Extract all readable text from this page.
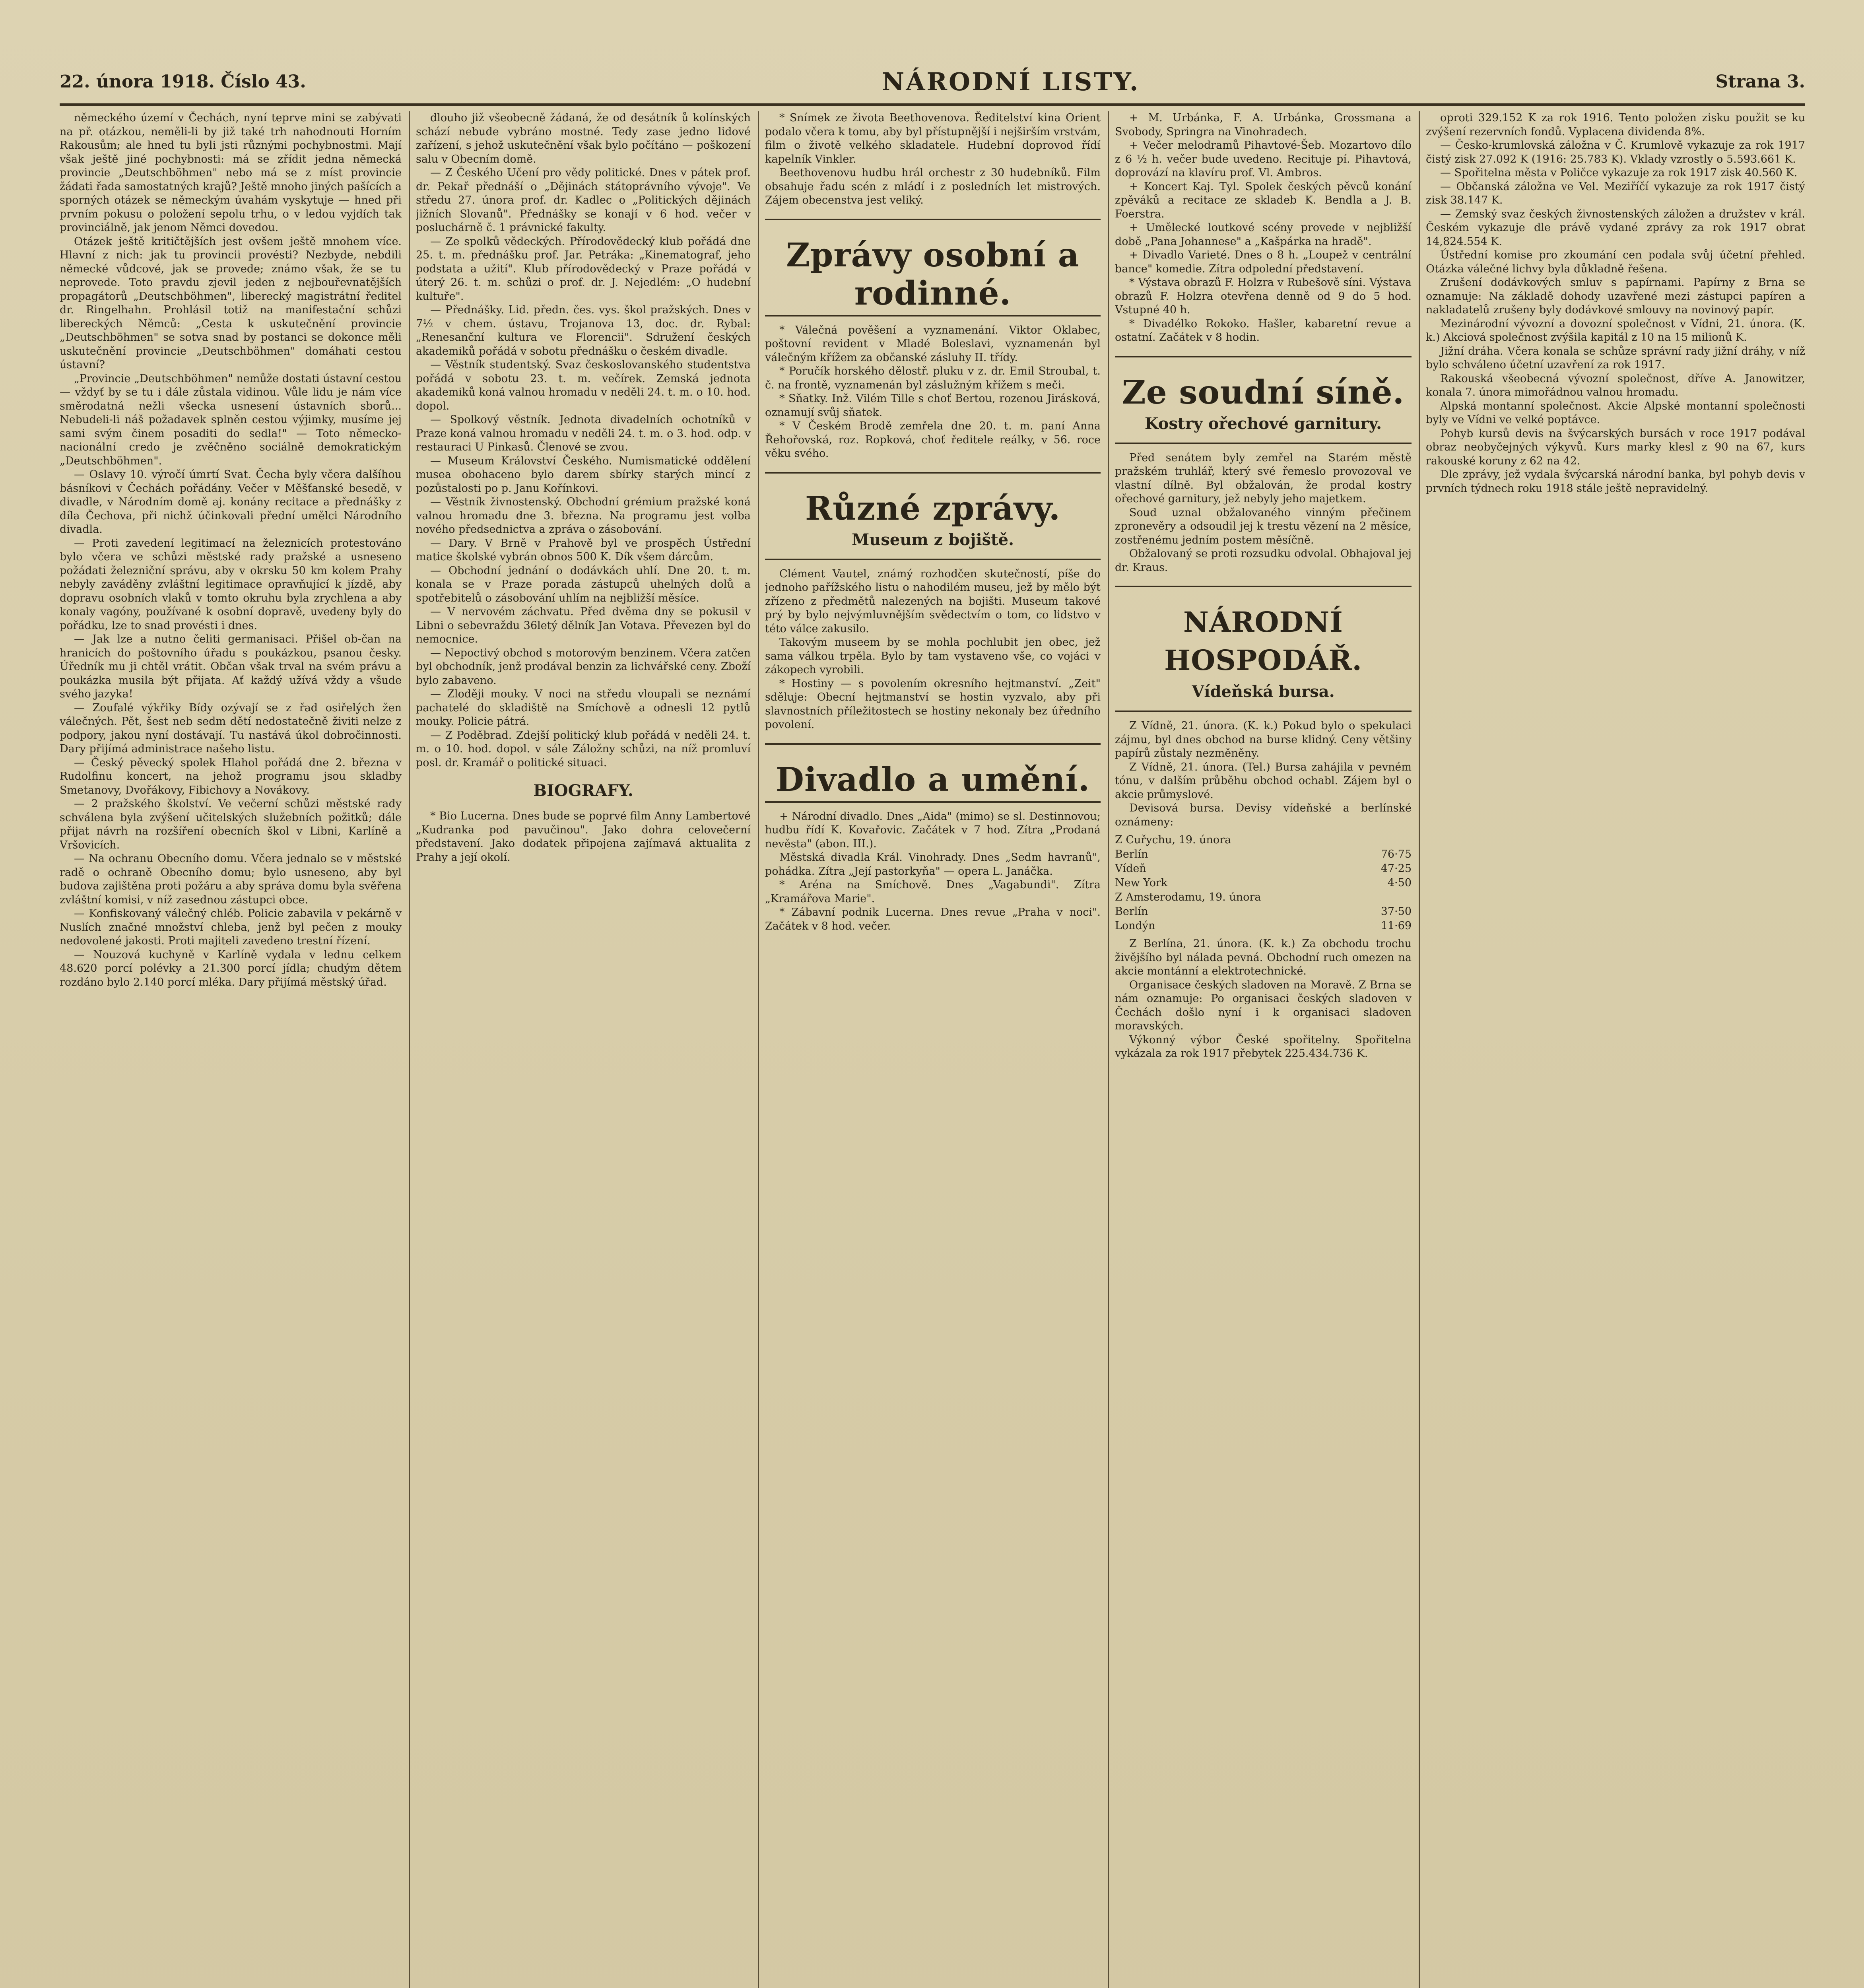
22. února 1918. Číslo 43.	NÁRODNÍ LISTY.	Strana 3.

německého území v Čechách, nyní teprve mini se zabývati na př. otázkou, neměli-li by již také trh nahodnouti Horním Rakousům; ale hned tu byli jsti různými pochybnostmi. Mají však ještě jiné pochybnosti: má se zřídit jedna německá provincie „Deutschböhmen" nebo má se z míst provincie žádati řada samostatných krajů? Ještě mnoho jiných pašících a sporných otázek se německým úvahám vyskytuje — hned při prvním pokusu o položení sepolu trhu, o v ledou vyjdích tak provinciálně, jak jenom Němci dovedou.

Otázek ještě kritičtějších jest ovšem ještě mnohem více. Hlavní z nich: jak tu provincii provésti? Nezbyde, nebdili německé vůdcové, jak se provede; známo však, že se tu neprovede. Toto pravdu zjevil jeden z nejbouřevnatějších propagátorů „Deutschböhmen", liberecký magistrátní ředitel dr. Ringelhahn. Prohlásil totiž na manifestační schůzi libereckých Němců: „Cesta k uskutečnění provincie „Deutschböhmen" se sotva snad by postanci se dokonce měli uskutečnění provincie „Deutschböhmen" domáhati cestou ústavní?

„Provincie „Deutschböhmen" nemůže dostati ústavní cestou — vždyť by se tu i dále zůstala vidinou. Vůle lidu je nám více směrodatná nežli všecka usnesení ústavních sborů... Nebudeli-li náš požadavek splněn cestou výjimky, musíme jej sami svým činem posaditi do sedla!" — Toto německo-nacionální credo je zvěčněno sociálně demokratickým „Deutschböhmen".

— Oslavy 10. výročí úmrtí Svat. Čecha byly včera dalšíhou básníkovi v Čechách pořádány. Večer v Měšťanské besedě, v divadle, v Národním domě aj. konány recitace a přednášky z díla Čechova, při nichž účinkovali přední umělci Národního divadla.

— Proti zavedení legitimací na železnicích protestováno bylo včera ve schůzi městské rady pražské a usneseno požádati železniční správu, aby v okrsku 50 km kolem Prahy nebyly zaváděny zvláštní legitimace opravňující k jízdě, aby dopravu osobních vlaků v tomto okruhu byla zrychlena a aby konaly vagóny, používané k osobní dopravě, uvedeny byly do pořádku, lze to snad provésti i dnes.

— Jak lze a nutno čeliti germanisaci. Přišel ob-čan na hranicích do poštovního úřadu s poukázkou, psanou česky. Úředník mu ji chtěl vrátit. Občan však trval na svém právu a poukázka musila být přijata. Ať každý užívá vždy a všude svého jazyka!

— Zoufalé výkřiky Bídy ozývají se z řad osiřelých žen válečných. Pět, šest neb sedm dětí nedostatečně živiti nelze z podpory, jakou nyní dostávají. Tu nastává úkol dobročinnosti. Dary přijímá administrace našeho listu.

— Český pěvecký spolek Hlahol pořádá dne 2. března v Rudolfinu koncert, na jehož programu jsou skladby Smetanovy, Dvořákovy, Fibichovy a Novákovy.

— 2 pražského školství. Ve večerní schůzi městské rady schválena byla zvýšení učitelských služebních požitků; dále přijat návrh na rozšíření obecních škol v Libni, Karlíně a Vršovicích.

— Na ochranu Obecního domu. Včera jednalo se v městské radě o ochraně Obecního domu; bylo usneseno, aby byl budova zajištěna proti požáru a aby správa domu byla svěřena zvláštní komisi, v níž zasednou zástupci obce.

— Konfiskovaný válečný chléb. Policie zabavila v pekárně v Nuslích značné množství chleba, jenž byl pečen z mouky nedovolené jakosti. Proti majiteli zavedeno trestní řízení.

— Nouzová kuchyně v Karlíně vydala v lednu celkem 48.620 porcí polévky a 21.300 porcí jídla; chudým dětem rozdáno bylo 2.140 porcí mléka. Dary přijímá městský úřad.

dlouho již všeobecně žádaná, že od desátník ů kolínských schází nebude vybráno mostné. Tedy zase jedno lidové zařízení, s jehož uskutečnění však bylo počítáno — poškození salu v Obecním domě.

— Z Českého Učení pro vědy politické. Dnes v pátek prof. dr. Pekař přednáší o „Dějinách státoprávního vývoje". Ve středu 27. února prof. dr. Kadlec o „Politických dějinách jižních Slovanů". Přednášky se konají v 6 hod. večer v posluchárně č. 1 právnické fakulty.

— Ze spolků vědeckých. Přírodovědecký klub pořádá dne 25. t. m. přednášku prof. Jar. Petráka: „Kinematograf, jeho podstata a užití". Klub přírodovědecký v Praze pořádá v úterý 26. t. m. schůzi o prof. dr. J. Nejedlém: „O hudební kultuře".

— Přednášky. Lid. předn. čes. vys. škol pražských. Dnes v 7½ v chem. ústavu, Trojanova 13, doc. dr. Rybal: „Renesanční kultura ve Florencii". Sdružení českých akademiků pořádá v sobotu přednášku o českém divadle.

— Věstník studentský. Svaz českoslovanského studentstva pořádá v sobotu 23. t. m. večírek. Zemská jednota akademiků koná valnou hromadu v neděli 24. t. m. o 10. hod. dopol.

— Spolkový věstník. Jednota divadelních ochotníků v Praze koná valnou hromadu v neděli 24. t. m. o 3. hod. odp. v restauraci U Pinkasů. Členové se zvou.

— Museum Království Českého. Numismatické oddělení musea obohaceno bylo darem sbírky starých mincí z pozůstalosti po p. Janu Kořínkovi.

— Věstník živnostenský. Obchodní grémium pražské koná valnou hromadu dne 3. března. Na programu jest volba nového předsednictva a zpráva o zásobování.

— Dary. V Brně v Prahově byl ve prospěch Ústřední matice školské vybrán obnos 500 K. Dík všem dárcům.

— Obchodní jednání o dodávkách uhlí. Dne 20. t. m. konala se v Praze porada zástupců uhelných dolů a spotřebitelů o zásobování uhlím na nejbližší měsíce.

— V nervovém záchvatu. Před dvěma dny se pokusil v Libni o sebevraždu 36letý dělník Jan Votava. Převezen byl do nemocnice.

— Nepoctivý obchod s motorovým benzinem. Včera zatčen byl obchodník, jenž prodával benzin za lichvářské ceny. Zboží bylo zabaveno.

— Zloději mouky. V noci na středu vloupali se neznámí pachatelé do skladiště na Smíchově a odnesli 12 pytlů mouky. Policie pátrá.

— Z Poděbrad. Zdejší politický klub pořádá v neděli 24. t. m. o 10. hod. dopol. v sále Záložny schůzi, na níž promluví posl. dr. Kramář o politické situaci.

BIOGRAFY.

* Bio Lucerna. Dnes bude se poprvé film Anny Lambertové „Kudranka pod pavučinou". Jako dohra celovečerní představení. Jako dodatek připojena zajímavá aktualita z Prahy a její okolí.

* Snímek ze života Beethovenova. Ředitelství kina Orient podalo včera k tomu, aby byl přístupnější i nejširším vrstvám, film o životě velkého skladatele. Hudební doprovod řídí kapelník Vinkler.

Beethovenovu hudbu hrál orchestr z 30 hudebníků. Film obsahuje řadu scén z mládí i z posledních let mistrových. Zájem obecenstva jest veliký.

Zprávy osobní a rodinné.

* Válečná pověšení a vyznamenání. Viktor Oklabec, poštovní revident v Mladé Boleslavi, vyznamenán byl válečným křížem za občanské zásluhy II. třídy.

* Poručík horského dělostř. pluku v z. dr. Emil Stroubal, t. č. na frontě, vyznamenán byl záslužným křížem s meči.

* Sňatky. Inž. Vilém Tille s choť Bertou, rozenou Jirásková, oznamují svůj sňatek.

* V Českém Brodě zemřela dne 20. t. m. paní Anna Řehořovská, roz. Ropková, choť ředitele reálky, v 56. roce věku svého.

Různé zprávy.

Museum z bojiště.

Clément Vautel, známý rozhodčen skutečností, píše do jednoho pařížského listu o nahodilém museu, jež by mělo být zřízeno z předmětů nalezených na bojišti. Museum takové prý by bylo nejvýmluvnějším svědectvím o tom, co lidstvo v této válce zakusilo.

Takovým museem by se mohla pochlubit jen obec, jež sama válkou trpěla. Bylo by tam vystaveno vše, co vojáci v zákopech vyrobili.

* Hostiny — s povolením okresního hejtmanství. „Zeit" sděluje: Obecní hejtmanství se hostin vyzvalo, aby při slavnostních příležitostech se hostiny nekonaly bez úředního povolení.

Divadlo a umění.

+ Národní divadlo. Dnes „Aida" (mimo) se sl. Destinnovou; hudbu řídí K. Kovařovic. Začátek v 7 hod. Zítra „Prodaná nevěsta" (abon. III.).

Městská divadla Král. Vinohrady. Dnes „Sedm havranů", pohádka. Zítra „Její pastorkyňa" — opera L. Janáčka.

* Aréna na Smíchově. Dnes „Vagabundi". Zítra „Kramářova Marie".

* Zábavní podnik Lucerna. Dnes revue „Praha v noci". Začátek v 8 hod. večer.

+ M. Urbánka, F. A. Urbánka, Grossmana a Svobody, Springra na Vinohradech.

+ Večer melodramů Pihavtové-Šeb. Mozartovo dílo z 6 ½ h. večer bude uvedeno. Recituje pí. Pihavtová, doprovází na klavíru prof. Vl. Ambros.

+ Koncert Kaj. Tyl. Spolek českých pěvců konání zpěváků a recitace ze skladeb K. Bendla a J. B. Foerstra.

+ Umělecké loutkové scény provede v nejbližší době „Pana Johannese" a „Kašpárka na hradě".

+ Divadlo Varieté. Dnes o 8 h. „Loupež v centrální bance" komedie. Zítra odpolední představení.

* Výstava obrazů F. Holzra v Rubešově síni. Výstava obrazů F. Holzra otevřena denně od 9 do 5 hod. Vstupné 40 h.

* Divadélko Rokoko. Hašler, kabaretní revue a ostatní. Začátek v 8 hodin.

Ze soudní síně.

Kostry ořechové garnitury.

Před senátem byly zemřel na Starém městě pražském truhlář, který své řemeslo provozoval ve vlastní dílně. Byl obžalován, že prodal kostry ořechové garnitury, jež nebyly jeho majetkem.

Soud uznal obžalovaného vinným přečinem zpronevěry a odsoudil jej k trestu vězení na 2 měsíce, zostřenému jedním postem měsíčně.

Obžalovaný se proti rozsudku odvolal. Obhajoval jej dr. Kraus.

NÁRODNÍ HOSPODÁŘ.

Vídeňská bursa.

Z Vídně, 21. února. (K. k.) Pokud bylo o spekulaci zájmu, byl dnes obchod na burse klidný. Ceny většiny papírů zůstaly nezměněny.

Z Vídně, 21. února. (Tel.) Bursa zahájila v pevném tónu, v dalším průběhu obchod ochabl. Zájem byl o akcie průmyslové.

Devisová bursa. Devisy vídeňské a berlínské oznámeny:

Z Cuřychu, 19. února
Berlín	76·75
Vídeň	47·25
New York	4·50
Z Amsterodamu, 19. února
Berlín	37·50
Londýn	11·69

Z Berlína, 21. února. (K. k.) Za obchodu trochu živějšího byl nálada pevná. Obchodní ruch omezen na akcie montánní a elektrotechnické.

Organisace českých sladoven na Moravě. Z Brna se nám oznamuje: Po organisaci českých sladoven v Čechách došlo nyní i k organisaci sladoven moravských.

Výkonný výbor České spořitelny. Spořitelna vykázala za rok 1917 přebytek 225.434.736 K.

oproti 329.152 K za rok 1916. Tento položen zisku použit se ku zvýšení rezervních fondů. Vyplacena dividenda 8%.

— Česko-krumlovská záložna v Č. Krumlově vykazuje za rok 1917 čistý zisk 27.092 K (1916: 25.783 K). Vklady vzrostly o 5.593.661 K.

— Spořitelna města v Poličce vykazuje za rok 1917 zisk 40.560 K.

— Občanská záložna ve Vel. Meziříčí vykazuje za rok 1917 čistý zisk 38.147 K.

— Zemský svaz českých živnostenských záložen a družstev v král. Českém vykazuje dle právě vydané zprávy za rok 1917 obrat 14,824.554 K.

Ústřední komise pro zkoumání cen podala svůj účetní přehled. Otázka válečné lichvy byla důkladně řešena.

Zrušení dodávkových smluv s papírnami. Papírny z Brna se oznamuje: Na základě dohody uzavřené mezi zástupci papíren a nakladatelů zrušeny byly dodávkové smlouvy na novinový papír.

Mezinárodní vývozní a dovozní společnost v Vídni, 21. února. (K. k.) Akciová společnost zvýšila kapitál z 10 na 15 milionů K.

Jižní dráha. Včera konala se schůze správní rady jižní dráhy, v níž bylo schváleno účetní uzavření za rok 1917.

Rakouská všeobecná vývozní společnost, dříve A. Janowitzer, konala 7. února mimořádnou valnou hromadu.

Alpská montanní společnost. Akcie Alpské montanní společnosti byly ve Vídni ve velké poptávce.

Pohyb kursů devis na švýcarských bursách v roce 1917 podával obraz neobyčejných výkyvů. Kurs marky klesl z 90 na 67, kurs rakouské koruny z 62 na 42.

Dle zprávy, jež vydala švýcarská národní banka, byl pohyb devis v prvních týdnech roku 1918 stále ještě nepravidelný.
